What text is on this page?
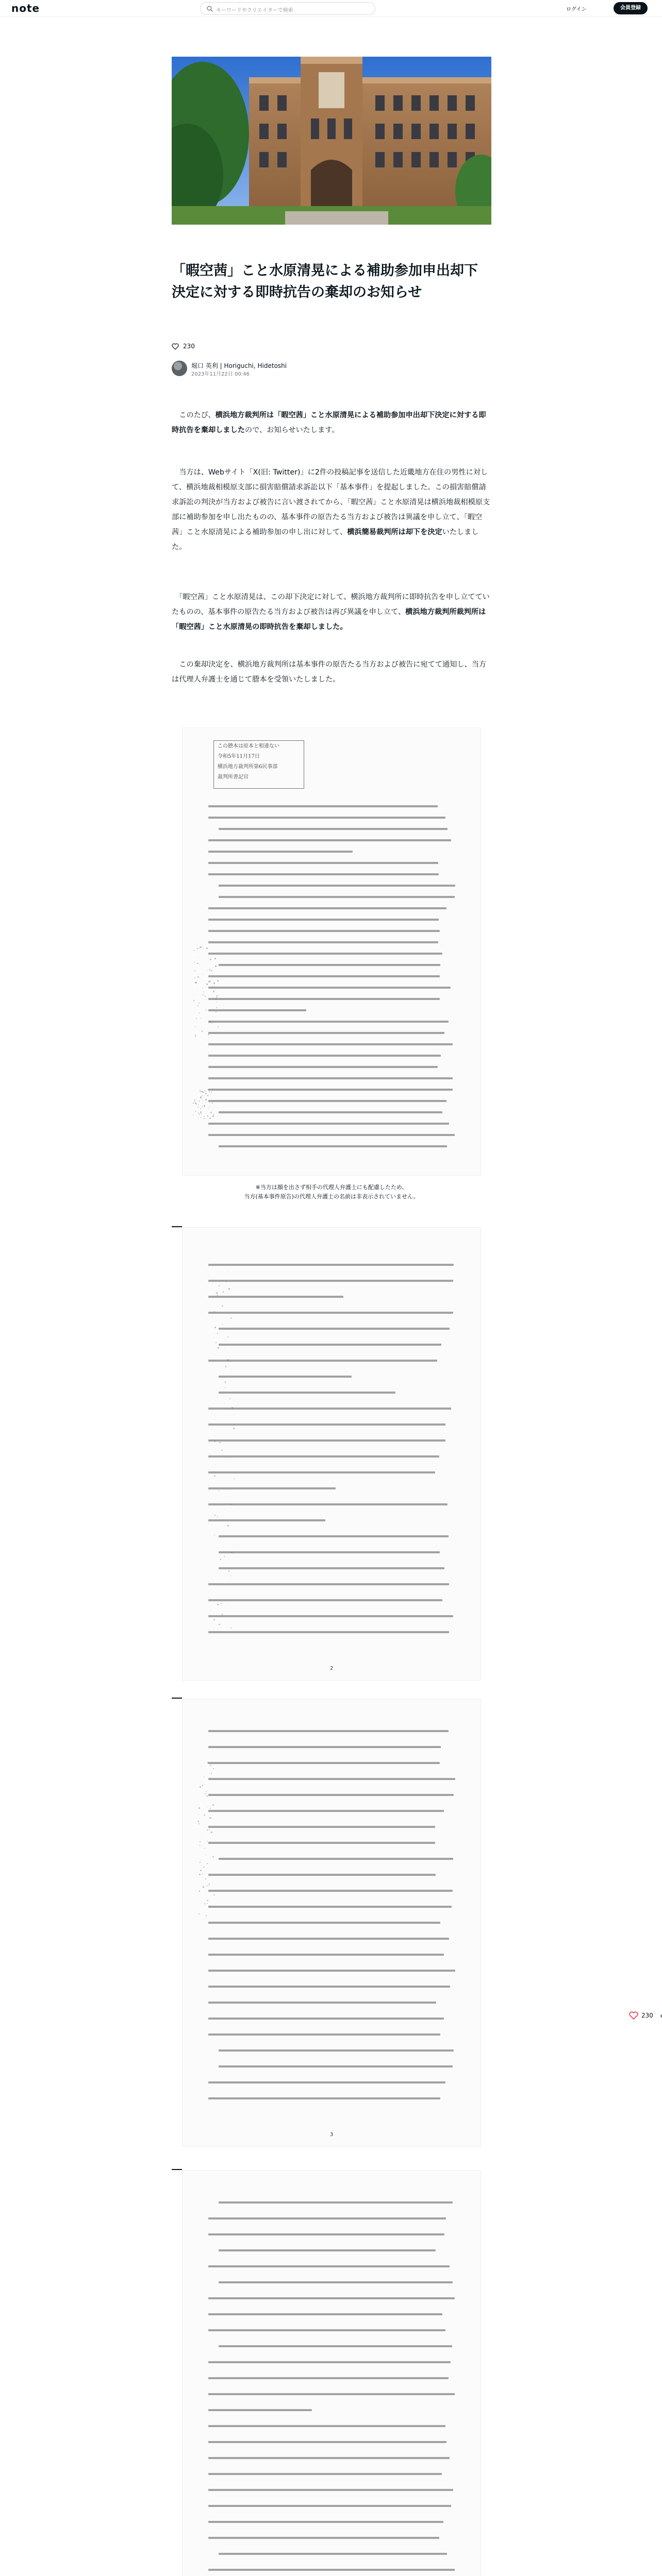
note	キーワードやクリエイターで検索	ログイン	会員登録
「暇空茜」こと水原清晃による補助参加申出却下決定に対する即時抗告の棄却のお知らせ
230
堀口 英利 | Horiguchi, Hidetoshi
2023年11月22日 00:46

　このたび、横浜地方裁判所は「暇空茜」こと水原清晃による補助参加申出却下決定に対する即時抗告を棄却しましたので、お知らせいたします。

　当方は、Webサイト「X(旧: Twitter)」に2件の投稿記事を送信した近畿地方在住の男性に対して、横浜地裁相模原支部に損害賠償請求訴訟以下「基本事件」を提起しました。この損害賠償請求訴訟の判決が当方および被告に言い渡されてから、「暇空茜」こと水原清晃は横浜地裁相模原支部に補助参加を申し出たものの、基本事件の原告たる当方および被告は異議を申し立て、「暇空茜」こと水原清晃による補助参加の申し出に対して、横浜簡易裁判所は却下を決定いたしました。

　「暇空茜」こと水原清晃は、この却下決定に対して、横浜地方裁判所に即時抗告を申し立てていたものの、基本事件の原告たる当方および被告は再び異議を申し立て、横浜地方裁判所裁判所は「暇空茜」こと水原清晃の即時抗告を棄却しました。

　この棄却決定を、横浜地方裁判所は基本事件の原告たる当方および被告に宛てて通知し、当方は代理人弁護士を通じて謄本を受領いたしました。

この謄本は原本と相違ない
令和5年11月17日
横浜地方裁判所第6民事部
裁判所書記官
※当方は顔を出さず相手の代理人弁護士にも配慮したため、
当方(基本事件原告)の代理人弁護士の名前は非表示されていません。
2
3
230
